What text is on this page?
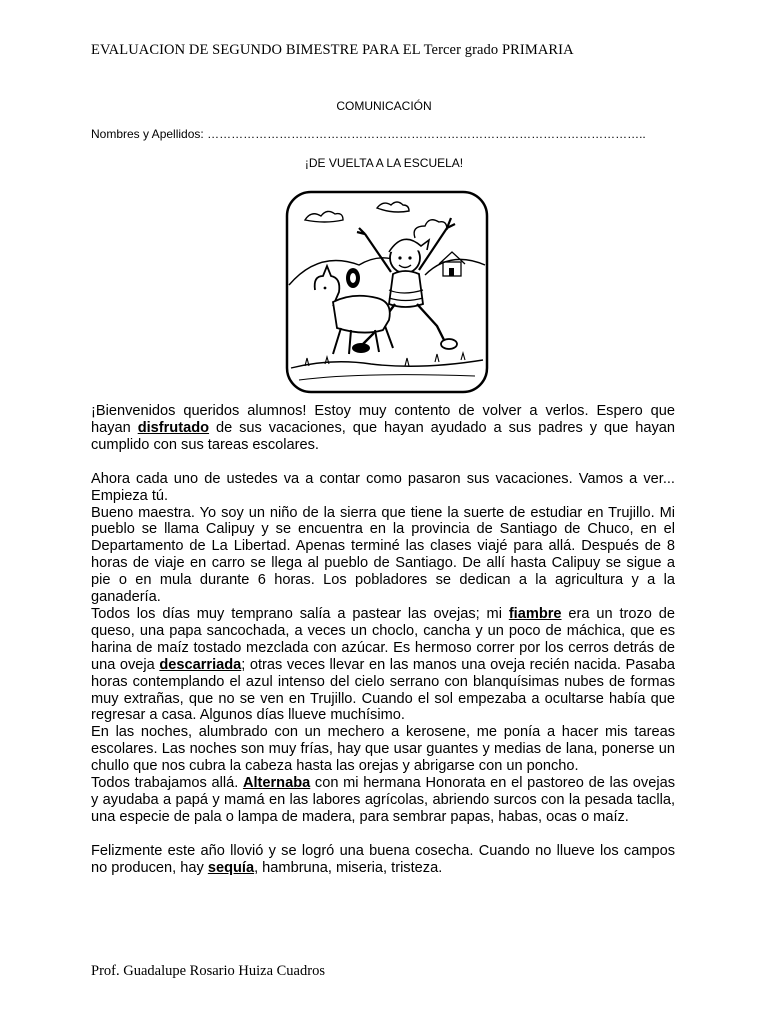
EVALUACION DE SEGUNDO BIMESTRE PARA EL Tercer grado PRIMARIA
COMUNICACIÓN
Nombres y Apellidos: ………………………………………………………………………………………………..
¡DE VUELTA A LA ESCUELA!

¡Bienvenidos queridos alumnos! Estoy muy contento de volver a verlos. Espero que hayan disfrutado de sus vacaciones, que hayan ayudado a sus padres y que hayan cumplido con sus tareas escolares.

Ahora cada uno de ustedes va a contar como pasaron sus vacaciones. Vamos a ver... Empieza tú.

Bueno maestra. Yo soy un niño de la sierra que tiene la suerte de estudiar en Trujillo. Mi pueblo se llama Calipuy y se encuentra en la provincia de Santiago de Chuco, en el Departamento de La Libertad. Apenas terminé las clases viajé para allá. Después de 8 horas de viaje en carro se llega al pueblo de Santiago. De allí hasta Calipuy se sigue a pie o en mula durante 6 horas. Los pobladores se dedican a la agricultura y a la ganadería.

Todos los días muy temprano salía a pastear las ovejas; mi fiambre era un trozo de queso, una papa sancochada, a veces un choclo, cancha y un poco de máchica, que es harina de maíz tostado mezclada con azúcar. Es hermoso correr por los cerros detrás de una oveja descarriada; otras veces llevar en las manos una oveja recién nacida. Pasaba horas contemplando el azul intenso del cielo serrano con blanquísimas nubes de formas muy extrañas, que no se ven en Trujillo. Cuando el sol empezaba a ocultarse había que regresar a casa. Algunos días llueve muchísimo.

En las noches, alumbrado con un mechero a kerosene, me ponía a hacer mis tareas escolares. Las noches son muy frías, hay que usar guantes y medias de lana, ponerse un chullo que nos cubra la cabeza hasta las orejas y abrigarse con un poncho.

Todos trabajamos allá. Alternaba con mi hermana Honorata en el pastoreo de las ovejas y ayudaba a papá y mamá en las labores agrícolas, abriendo surcos con la pesada taclla, una especie de pala o lampa de madera, para sembrar papas, habas, ocas o maíz.

Felizmente este año llovió y se logró una buena cosecha. Cuando no llueve los campos no producen, hay sequía, hambruna, miseria, tristeza.

Prof. Guadalupe Rosario Huiza Cuadros
